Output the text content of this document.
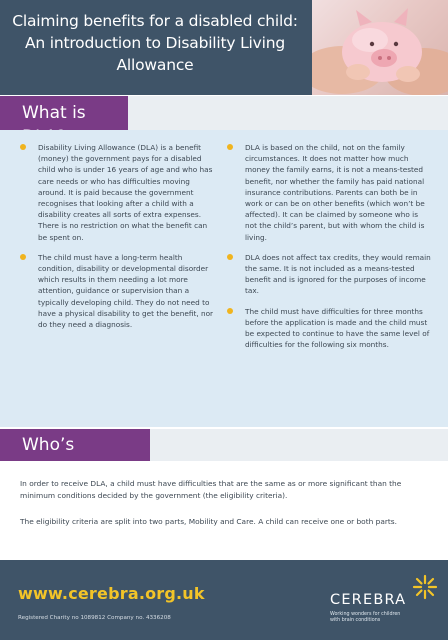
Claiming benefits for a disabled child:
An introduction to Disability Living
Allowance
What is
Disability Living Allowance (DLA) is a benefit (money) the government pays for a disabled child who is under 16 years of age and who has care needs or who has difficulties moving around. It is paid because the government recognises that looking after a child with a disability creates all sorts of extra expenses. There is no restriction on what the benefit can be spent on.
The child must have a long-term health condition, disability or developmental disorder which results in them needing a lot more attention, guidance or supervision than a typically developing child. They do not need to have a physical disability to get the benefit, nor do they need a diagnosis.
DLA is based on the child, not on the family circumstances. It does not matter how much money the family earns, it is not a means-tested benefit, nor whether the family has paid national insurance contributions. Parents can both be in work or can be on other benefits (which won’t be affected). It can be claimed by someone who is not the child’s parent, but with whom the child is living.
DLA does not affect tax credits, they would remain the same. It is not included as a means-tested benefit and is ignored for the purposes of income tax.
The child must have difficulties for three months before the application is made and the child must be expected to continue to have the same level of difficulties for the following six months.
Who’s eligible?
In order to receive DLA, a child must have difficulties that are the same as or more significant than the minimum conditions decided by the government (the eligibility criteria).
The eligibility criteria are split into two parts, Mobility and Care. A child can receive one or both parts.
www.cerebra.org.uk
Registered Charity no 1089812 Company no. 4336208
CEREBRA
Working wonders for children
with brain conditions
